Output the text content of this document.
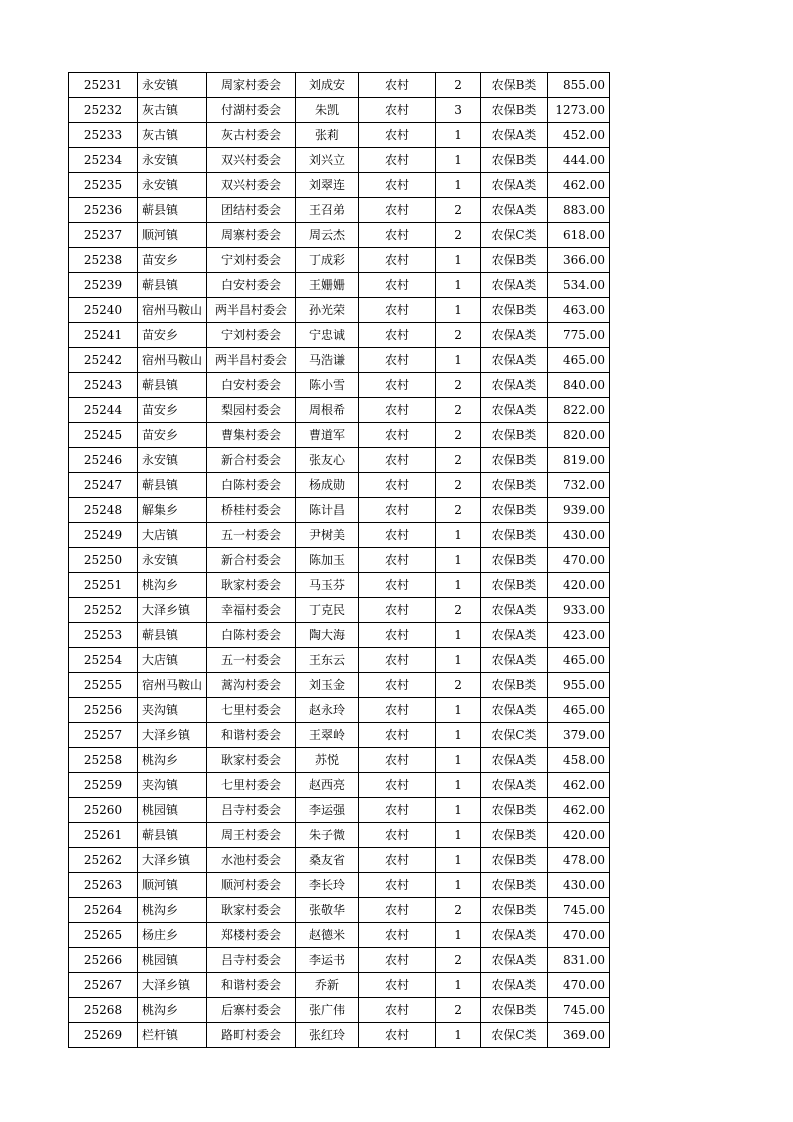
25231	永安镇	周家村委会	刘成安	农村	2	农保B类	855.00
25232	灰古镇	付湖村委会	朱凯	农村	3	农保B类	1273.00
25233	灰古镇	灰古村委会	张莉	农村	1	农保A类	452.00
25234	永安镇	双兴村委会	刘兴立	农村	1	农保B类	444.00
25235	永安镇	双兴村委会	刘翠连	农村	1	农保A类	462.00
25236	蕲县镇	团结村委会	王召弟	农村	2	农保A类	883.00
25237	顺河镇	周寨村委会	周云杰	农村	2	农保C类	618.00
25238	苗安乡	宁刘村委会	丁成彩	农村	1	农保B类	366.00
25239	蕲县镇	白安村委会	王姗姗	农村	1	农保A类	534.00
25240	宿州马鞍山	两半昌村委会	孙光荣	农村	1	农保B类	463.00
25241	苗安乡	宁刘村委会	宁忠诚	农村	2	农保A类	775.00
25242	宿州马鞍山	两半昌村委会	马浩谦	农村	1	农保A类	465.00
25243	蕲县镇	白安村委会	陈小雪	农村	2	农保A类	840.00
25244	苗安乡	梨园村委会	周根希	农村	2	农保A类	822.00
25245	苗安乡	曹集村委会	曹道军	农村	2	农保B类	820.00
25246	永安镇	新合村委会	张友心	农村	2	农保B类	819.00
25247	蕲县镇	白陈村委会	杨成勋	农村	2	农保B类	732.00
25248	解集乡	桥桂村委会	陈计昌	农村	2	农保B类	939.00
25249	大店镇	五一村委会	尹树美	农村	1	农保B类	430.00
25250	永安镇	新合村委会	陈加玉	农村	1	农保B类	470.00
25251	桃沟乡	耿家村委会	马玉芬	农村	1	农保B类	420.00
25252	大泽乡镇	幸福村委会	丁克民	农村	2	农保A类	933.00
25253	蕲县镇	白陈村委会	陶大海	农村	1	农保A类	423.00
25254	大店镇	五一村委会	王东云	农村	1	农保A类	465.00
25255	宿州马鞍山	蒿沟村委会	刘玉金	农村	2	农保B类	955.00
25256	夹沟镇	七里村委会	赵永玲	农村	1	农保A类	465.00
25257	大泽乡镇	和谐村委会	王翠岭	农村	1	农保C类	379.00
25258	桃沟乡	耿家村委会	苏悦	农村	1	农保A类	458.00
25259	夹沟镇	七里村委会	赵西亮	农村	1	农保A类	462.00
25260	桃园镇	吕寺村委会	李运强	农村	1	农保B类	462.00
25261	蕲县镇	周王村委会	朱子微	农村	1	农保B类	420.00
25262	大泽乡镇	水池村委会	桑友省	农村	1	农保B类	478.00
25263	顺河镇	顺河村委会	李长玲	农村	1	农保B类	430.00
25264	桃沟乡	耿家村委会	张敬华	农村	2	农保B类	745.00
25265	杨庄乡	郑楼村委会	赵德米	农村	1	农保A类	470.00
25266	桃园镇	吕寺村委会	李运书	农村	2	农保A类	831.00
25267	大泽乡镇	和谐村委会	乔新	农村	1	农保A类	470.00
25268	桃沟乡	后寨村委会	张广伟	农村	2	农保B类	745.00
25269	栏杆镇	路町村委会	张红玲	农村	1	农保C类	369.00
